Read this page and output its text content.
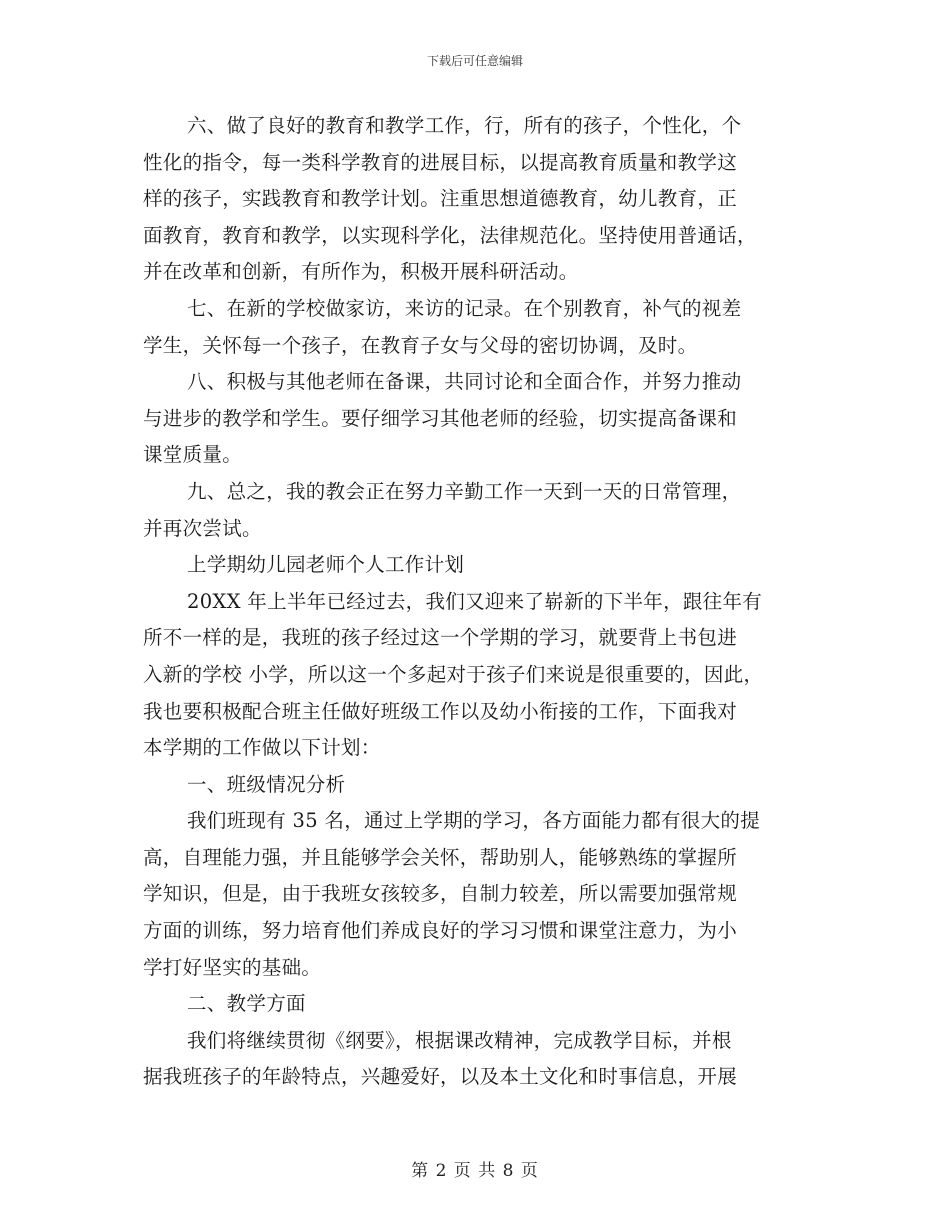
下载后可任意编辑
六、做了良好的教育和教学工作，行，所有的孩子，个性化，个
性化的指令，每一类科学教育的进展目标，以提高教育质量和教学这
样的孩子，实践教育和教学计划。注重思想道德教育，幼儿教育，正
面教育，教育和教学，以实现科学化，法律规范化。坚持使用普通话，
并在改革和创新，有所作为，积极开展科研活动。
七、在新的学校做家访，来访的记录。在个别教育，补气的视差
学生，关怀每一个孩子，在教育子女与父母的密切协调，及时。
八、积极与其他老师在备课，共同讨论和全面合作，并努力推动
与进步的教学和学生。要仔细学习其他老师的经验，切实提高备课和
课堂质量。
九、总之，我的教会正在努力辛勤工作一天到一天的日常管理，
并再次尝试。
上学期幼儿园老师个人工作计划
20XX 年上半年已经过去，我们又迎来了崭新的下半年，跟往年有
所不一样的是，我班的孩子经过这一个学期的学习，就要背上书包进
入新的学校 小学，所以这一个多起对于孩子们来说是很重要的，因此，
我也要积极配合班主任做好班级工作以及幼小衔接的工作，下面我对
本学期的工作做以下计划：
一、班级情况分析
我们班现有 35 名，通过上学期的学习，各方面能力都有很大的提
高，自理能力强，并且能够学会关怀，帮助别人，能够熟练的掌握所
学知识，但是，由于我班女孩较多，自制力较差，所以需要加强常规
方面的训练，努力培育他们养成良好的学习习惯和课堂注意力，为小
学打好坚实的基础。
二、教学方面
我们将继续贯彻《纲要》，根据课改精神，完成教学目标，并根
据我班孩子的年龄特点，兴趣爱好，以及本土文化和时事信息，开展
第 2 页 共 8 页
